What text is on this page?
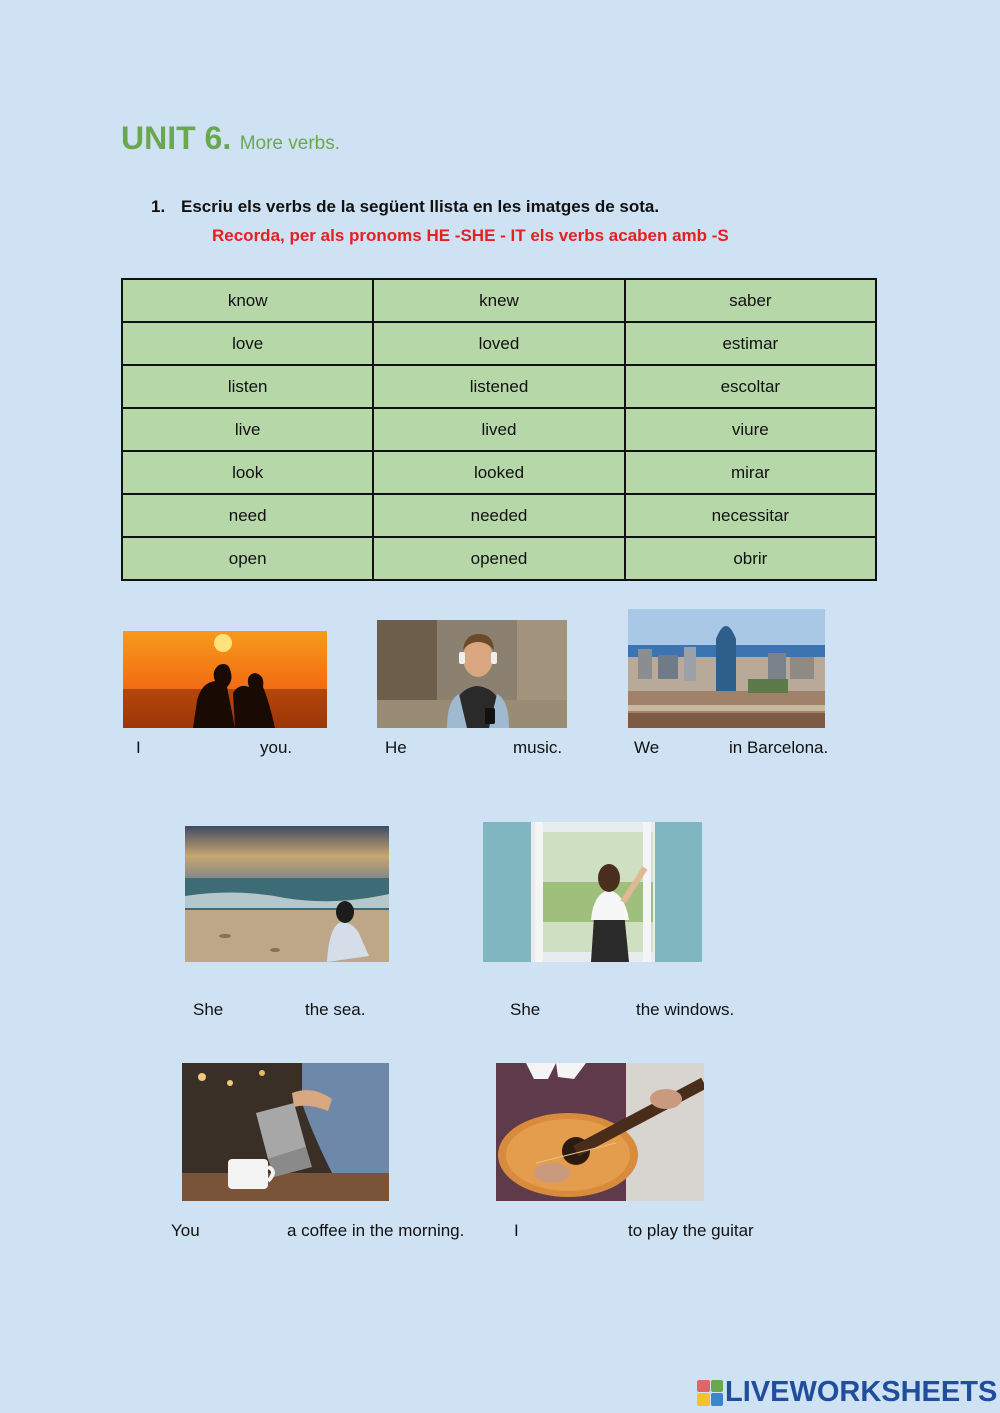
UNIT 6. More verbs.
1. Escriu els verbs de la següent llista en les imatges de sota.
Recorda, per als pronoms HE -SHE - IT els verbs acaben amb -S
know	knew	saber
love	loved	estimar
listen	listened	escoltar
live	lived	viure
look	looked	mirar
need	needed	necessitar
open	opened	obrir
I	you.	He	music.	We	in Barcelona.
She	the sea.	She	the windows.
You	a coffee in the morning.	I	to play the guitar
LIVEWORKSHEETS
